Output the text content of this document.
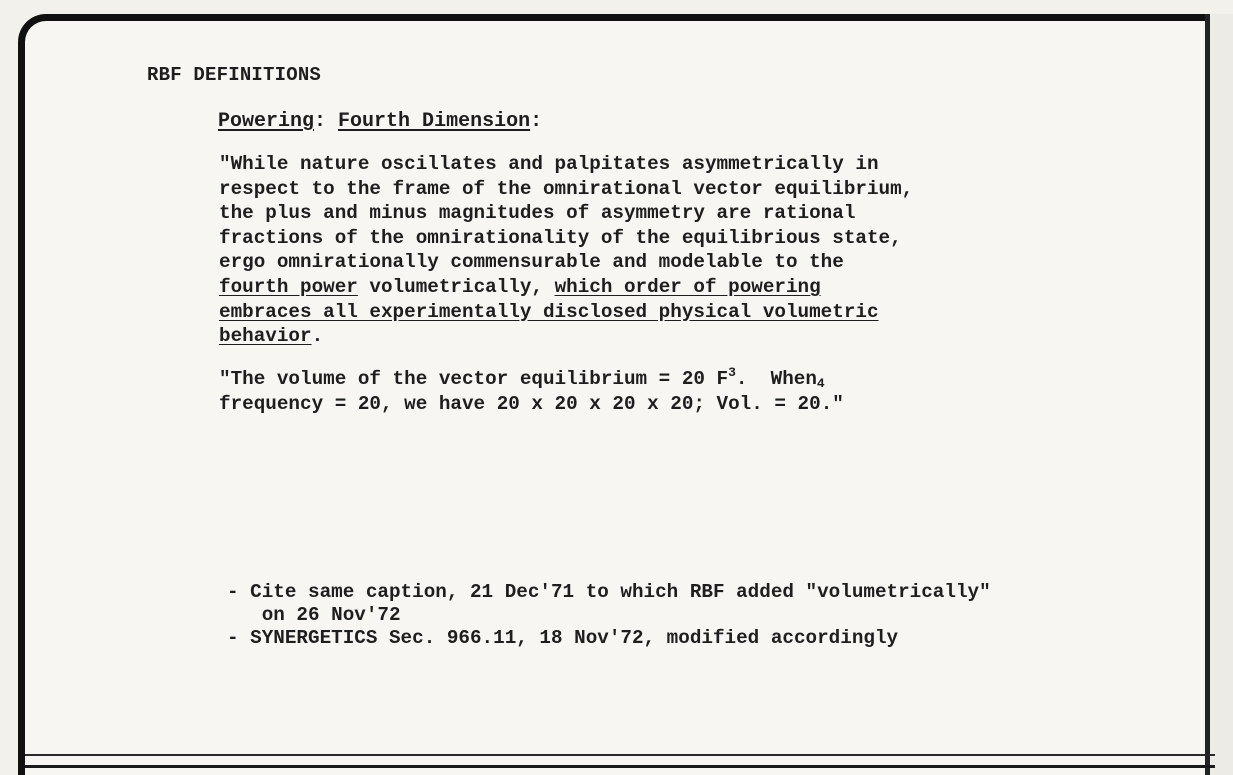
RBF DEFINITIONS
Powering: Fourth Dimension:
"While nature oscillates and palpitates asymmetrically in
respect to the frame of the omnirational vector equilibrium,
the plus and minus magnitudes of asymmetry are rational
fractions of the omnirationality of the equilibrious state,
ergo omnirationally commensurable and modelable to the
fourth power volumetrically, which order of powering
embraces all experimentally disclosed physical volumetric
behavior.
"The volume of the vector equilibrium = 20 $F^3$.  When$_4$
frequency = 20, we have 20 x 20 x 20 x 20; Vol. = 20."
- Cite same caption, 21 Dec'71 to which RBF added "volumetrically"
on 26 Nov'72
- SYNERGETICS Sec. 966.11, 18 Nov'72, modified accordingly
